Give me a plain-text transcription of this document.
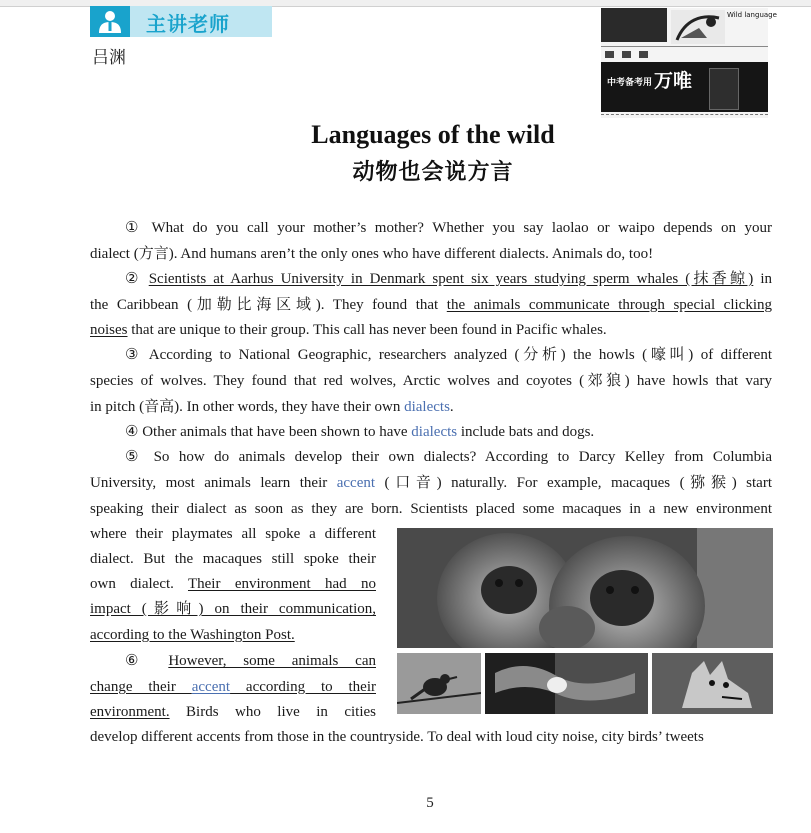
主讲老师
吕渊
Wild language
中考备考用 万唯
Languages of the wild
动物也会说方言
① What do you call your mother’s mother? Whether you say laolao or waipo depends on your
dialect (方言). And humans aren’t the only ones who have different dialects. Animals do, too!
② Scientists at Aarhus University in Denmark spent six years studying sperm whales (抹香鲸) in
the Caribbean (加勒比海区域). They found that the animals communicate through special clicking
noises that are unique to their group. This call has never been found in Pacific whales.
③ According to National Geographic, researchers analyzed (分析) the howls (嚎叫) of different
species of wolves. They found that red wolves, Arctic wolves and coyotes (郊狼) have howls that vary
in pitch (音高). In other words, they have their own dialects.
④ Other animals that have been shown to have dialects include bats and dogs.
⑤ So how do animals develop their own dialects? According to Darcy Kelley from Columbia
University, most animals learn their accent (口音) naturally. For example, macaques (猕猴) start
speaking their dialect as soon as they are born. Scientists placed some macaques in a new environment
where their playmates all spoke a different
dialect. But the macaques still spoke their
own dialect. Their environment had no
impact (影响) on their communication,
according to the Washington Post.
⑥ However, some animals can
change their accent according to their
environment. Birds who live in cities
develop different accents from those in the countryside. To deal with loud city noise, city birds’ tweets
5
